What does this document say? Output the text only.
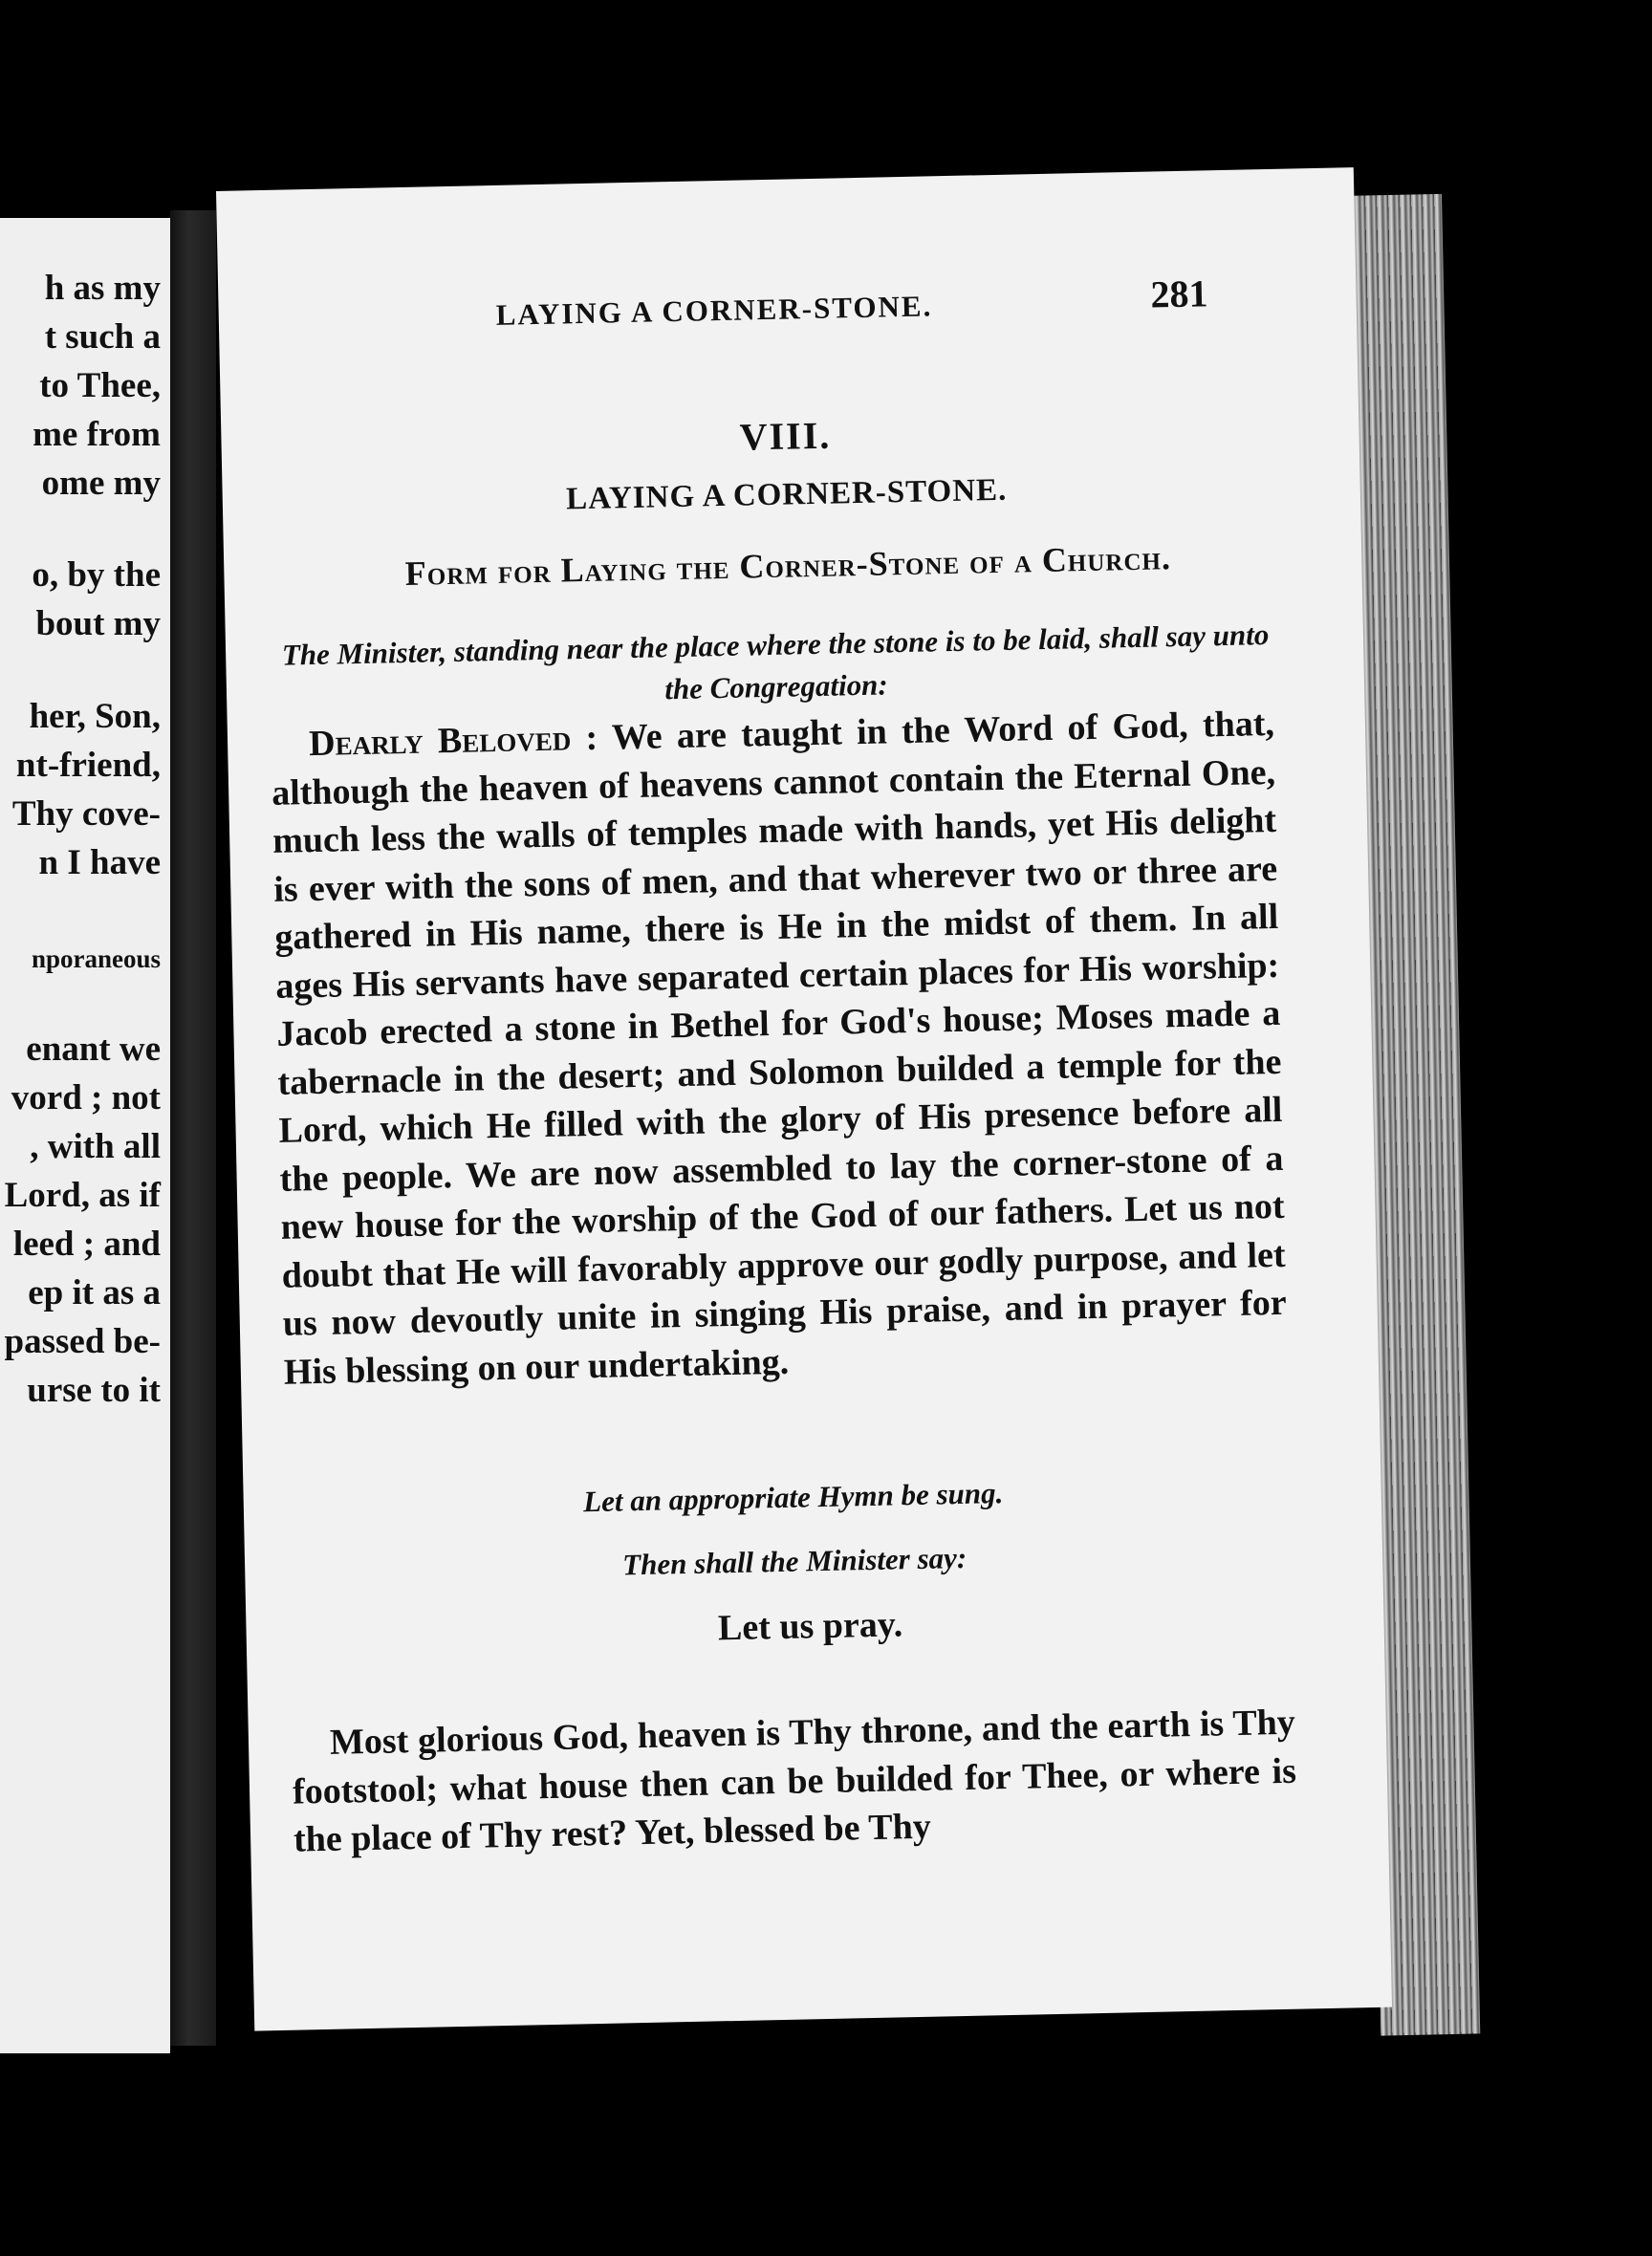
h as my
t such a
to Thee,
me from
ome my
o, by the
bout my
her, Son,
nt-friend,
Thy cove-
n I have
nporaneous
enant we
vord ; not
, with all
Lord, as if
leed ; and
ep it as a
passed be-
urse to it
LAYING A CORNER-STONE.	281
VIII.
LAYING A CORNER-STONE.
Form for Laying the Corner-Stone of a Church.
The Minister, standing near the place where the stone is to be laid, shall say unto the Congregation:
Dearly Beloved : We are taught in the Word of God, that, although the heaven of heavens cannot contain the Eternal One, much less the walls of temples made with hands, yet His delight is ever with the sons of men, and that wherever two or three are gathered in His name, there is He in the midst of them. In all ages His servants have separated certain places for His worship: Jacob erected a stone in Bethel for God's house; Moses made a tabernacle in the desert; and Solomon builded a temple for the Lord, which He filled with the glory of His presence before all the people. We are now assembled to lay the corner-stone of a new house for the worship of the God of our fathers. Let us not doubt that He will favorably approve our godly purpose, and let us now devoutly unite in singing His praise, and in prayer for His blessing on our undertaking.
Let an appropriate Hymn be sung.
Then shall the Minister say:
Let us pray.
Most glorious God, heaven is Thy throne, and the earth is Thy footstool; what house then can be builded for Thee, or where is the place of Thy rest? Yet, blessed be Thy
